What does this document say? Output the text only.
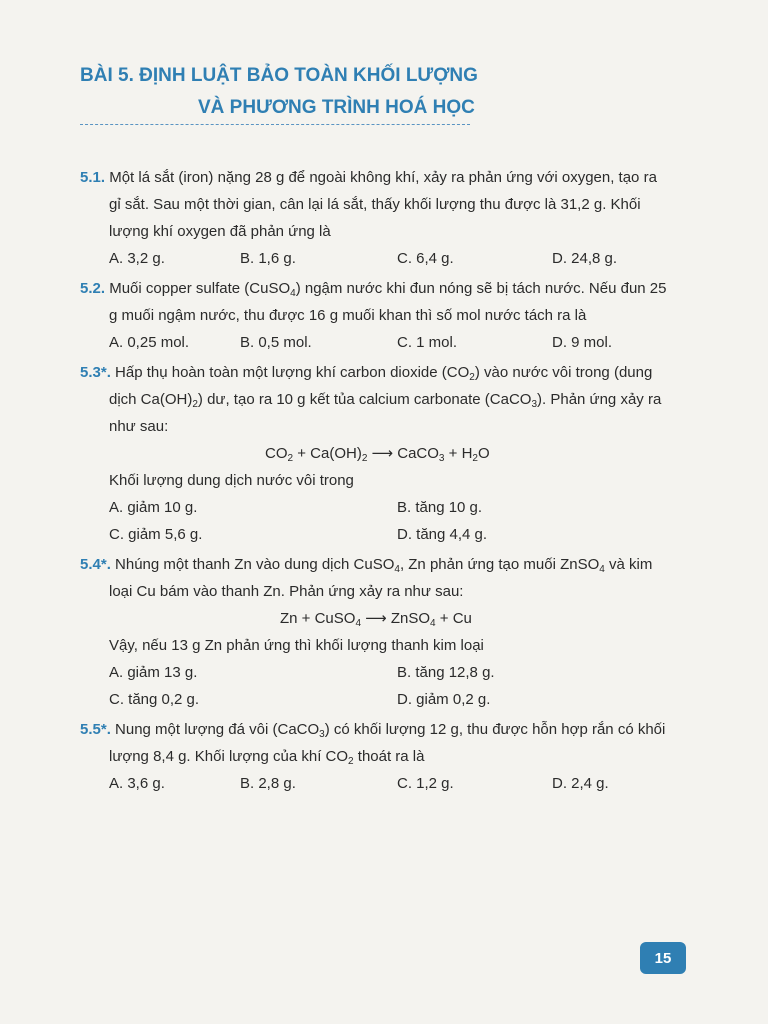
BÀI 5. ĐỊNH LUẬT BẢO TOÀN KHỐI LƯỢNG
VÀ PHƯƠNG TRÌNH HOÁ HỌC
5.1. Một lá sắt (iron) nặng 28 g để ngoài không khí, xảy ra phản ứng với oxygen, tạo ra gỉ sắt. Sau một thời gian, cân lại lá sắt, thấy khối lượng thu được là 31,2 g. Khối lượng khí oxygen đã phản ứng là
A. 3,2 g.	B. 1,6 g.	C. 6,4 g.	D. 24,8 g.
5.2. Muối copper sulfate (CuSO$_4$) ngậm nước khi đun nóng sẽ bị tách nước. Nếu đun 25 g muối ngậm nước, thu được 16 g muối khan thì số mol nước tách ra là
A. 0,25 mol.	B. 0,5 mol.	C. 1 mol.	D. 9 mol.
5.3*. Hấp thụ hoàn toàn một lượng khí carbon dioxide $(CO_2)$ vào nước vôi trong (dung dịch $Ca(OH)_2$) dư, tạo ra 10 g kết tủa calcium carbonate (CaCO$_3$). Phản ứng xảy ra như sau:
$CO_2 + Ca(OH)_2$ ⟶ CaCO$_3$ + $H_2O$
Khối lượng dung dịch nước vôi trong
A. giảm 10 g.	B. tăng 10 g.
C. giảm 5,6 g.	D. tăng 4,4 g.
5.4*. Nhúng một thanh Zn vào dung dịch CuSO$_4$, Zn phản ứng tạo muối ZnSO$_4$ và kim loại Cu bám vào thanh Zn. Phản ứng xảy ra như sau:
Zn + CuSO$_4$ ⟶ ZnSO$_4$ + Cu
Vậy, nếu 13 g Zn phản ứng thì khối lượng thanh kim loại
A. giảm 13 g.	B. tăng 12,8 g.
C. tăng 0,2 g.	D. giảm 0,2 g.
5.5*. Nung một lượng đá vôi (CaCO$_3$) có khối lượng 12 g, thu được hỗn hợp rắn có khối lượng 8,4 g. Khối lượng của khí $CO_2$ thoát ra là
A. 3,6 g.	B. 2,8 g.	C. 1,2 g.	D. 2,4 g.
15
